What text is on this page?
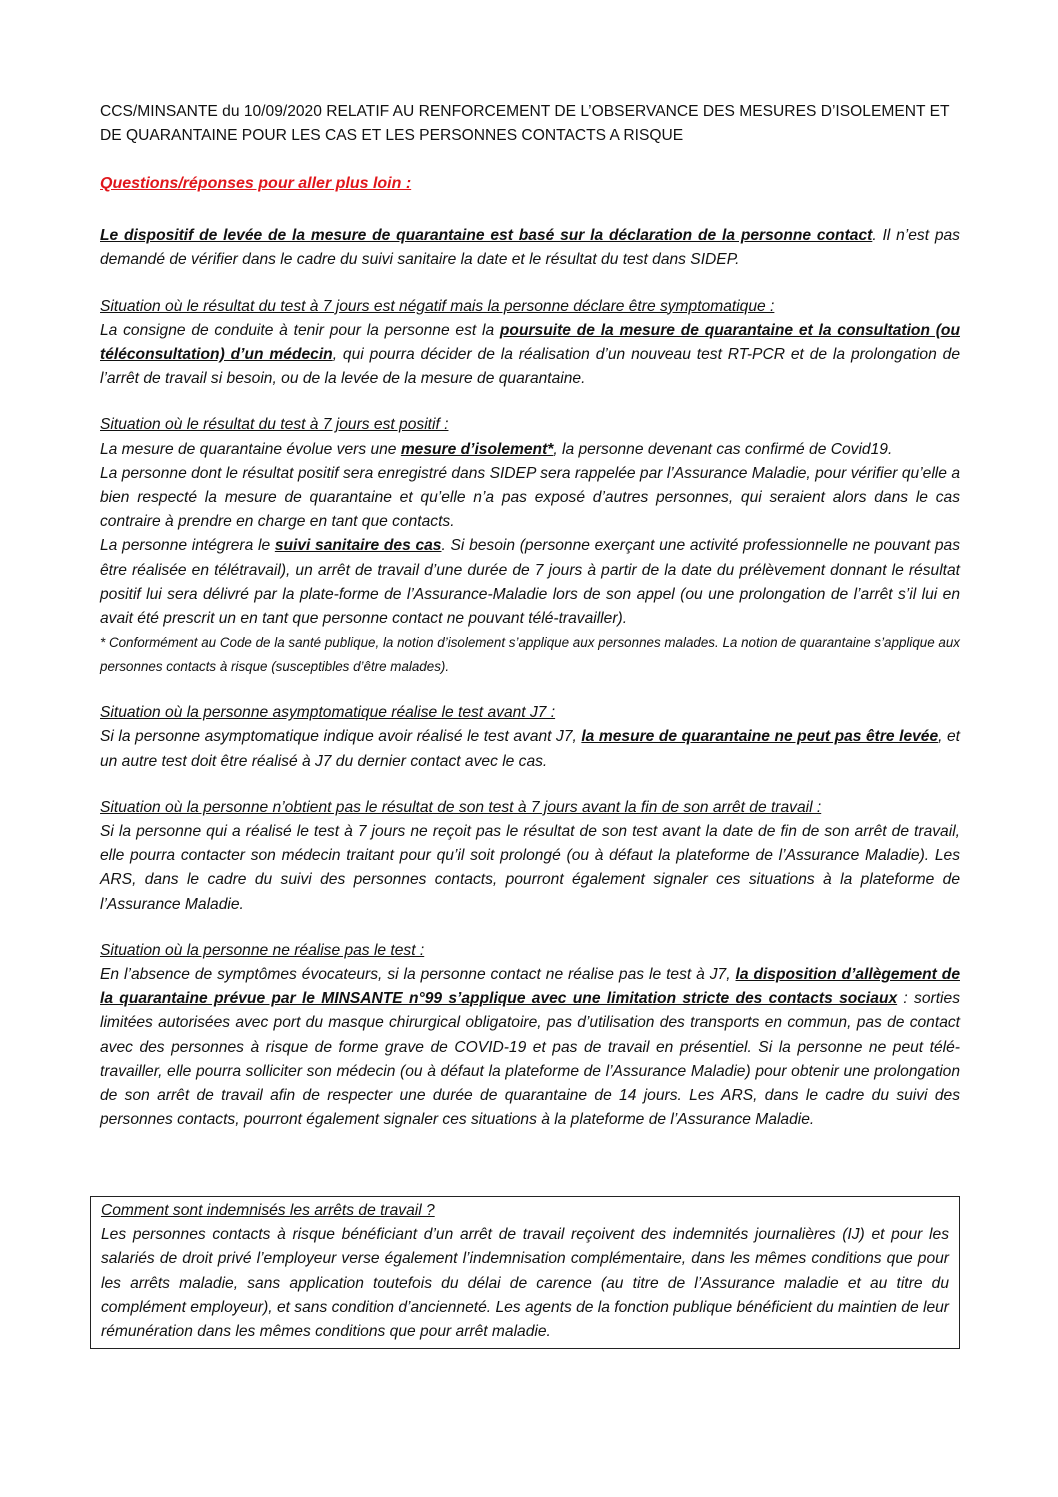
CCS/MINSANTE du 10/09/2020 RELATIF AU RENFORCEMENT DE L’OBSERVANCE DES MESURES D’ISOLEMENT ET DE QUARANTAINE POUR LES CAS ET LES PERSONNES CONTACTS A RISQUE

Questions/réponses pour aller plus loin :

Le dispositif de levée de la mesure de quarantaine est basé sur la déclaration de la personne contact. Il n’est pas demandé de vérifier dans le cadre du suivi sanitaire la date et le résultat du test dans SIDEP.

Situation où le résultat du test à 7 jours est négatif mais la personne déclare être symptomatique :

La consigne de conduite à tenir pour la personne est la poursuite de la mesure de quarantaine et la consultation (ou téléconsultation) d’un médecin, qui pourra décider de la réalisation d’un nouveau test RT-PCR et de la prolongation de l’arrêt de travail si besoin, ou de la levée de la mesure de quarantaine.

Situation où le résultat du test à 7 jours est positif :

La mesure de quarantaine évolue vers une mesure d’isolement*, la personne devenant cas confirmé de Covid19.

La personne dont le résultat positif sera enregistré dans SIDEP sera rappelée par l’Assurance Maladie, pour vérifier qu’elle a bien respecté la mesure de quarantaine et qu’elle n’a pas exposé d’autres personnes, qui seraient alors dans le cas contraire à prendre en charge en tant que contacts.

La personne intégrera le suivi sanitaire des cas. Si besoin (personne exerçant une activité professionnelle ne pouvant pas être réalisée en télétravail), un arrêt de travail d’une durée de 7 jours à partir de la date du prélèvement donnant le résultat positif lui sera délivré par la plate-forme de l’Assurance-Maladie lors de son appel (ou une prolongation de l’arrêt s’il lui en avait été prescrit un en tant que personne contact ne pouvant télé-travailler).

* Conformément au Code de la santé publique, la notion d’isolement s’applique aux personnes malades. La notion de quarantaine s’applique aux personnes contacts à risque (susceptibles d’être malades).

Situation où la personne asymptomatique réalise le test avant J7 :

Si la personne asymptomatique indique avoir réalisé le test avant J7, la mesure de quarantaine ne peut pas être levée, et un autre test doit être réalisé à J7 du dernier contact avec le cas.

Situation où la personne n’obtient pas le résultat de son test à 7 jours avant la fin de son arrêt de travail :

Si la personne qui a réalisé le test à 7 jours ne reçoit pas le résultat de son test avant la date de fin de son arrêt de travail, elle pourra contacter son médecin traitant pour qu’il soit prolongé (ou à défaut la plateforme de l’Assurance Maladie). Les ARS, dans le cadre du suivi des personnes contacts, pourront également signaler ces situations à la plateforme de l’Assurance Maladie.

Situation où la personne ne réalise pas le test :

En l’absence de symptômes évocateurs, si la personne contact ne réalise pas le test à J7, la disposition d’allègement de la quarantaine prévue par le MINSANTE n°99 s’applique avec une limitation stricte des contacts sociaux : sorties limitées autorisées avec port du masque chirurgical obligatoire, pas d’utilisation des transports en commun, pas de contact avec des personnes à risque de forme grave de COVID-19 et pas de travail en présentiel. Si la personne ne peut télé-travailler, elle pourra solliciter son médecin (ou à défaut la plateforme de l’Assurance Maladie) pour obtenir une prolongation de son arrêt de travail afin de respecter une durée de quarantaine de 14 jours. Les ARS, dans le cadre du suivi des personnes contacts, pourront également signaler ces situations à la plateforme de l’Assurance Maladie.

Comment sont indemnisés les arrêts de travail ?

Les personnes contacts à risque bénéficiant d’un arrêt de travail reçoivent des indemnités journalières (IJ) et pour les salariés de droit privé l’employeur verse également l’indemnisation complémentaire, dans les mêmes conditions que pour les arrêts maladie, sans application toutefois du délai de carence (au titre de l’Assurance maladie et au titre du complément employeur), et sans condition d’ancienneté. Les agents de la fonction publique bénéficient du maintien de leur rémunération dans les mêmes conditions que pour arrêt maladie.
